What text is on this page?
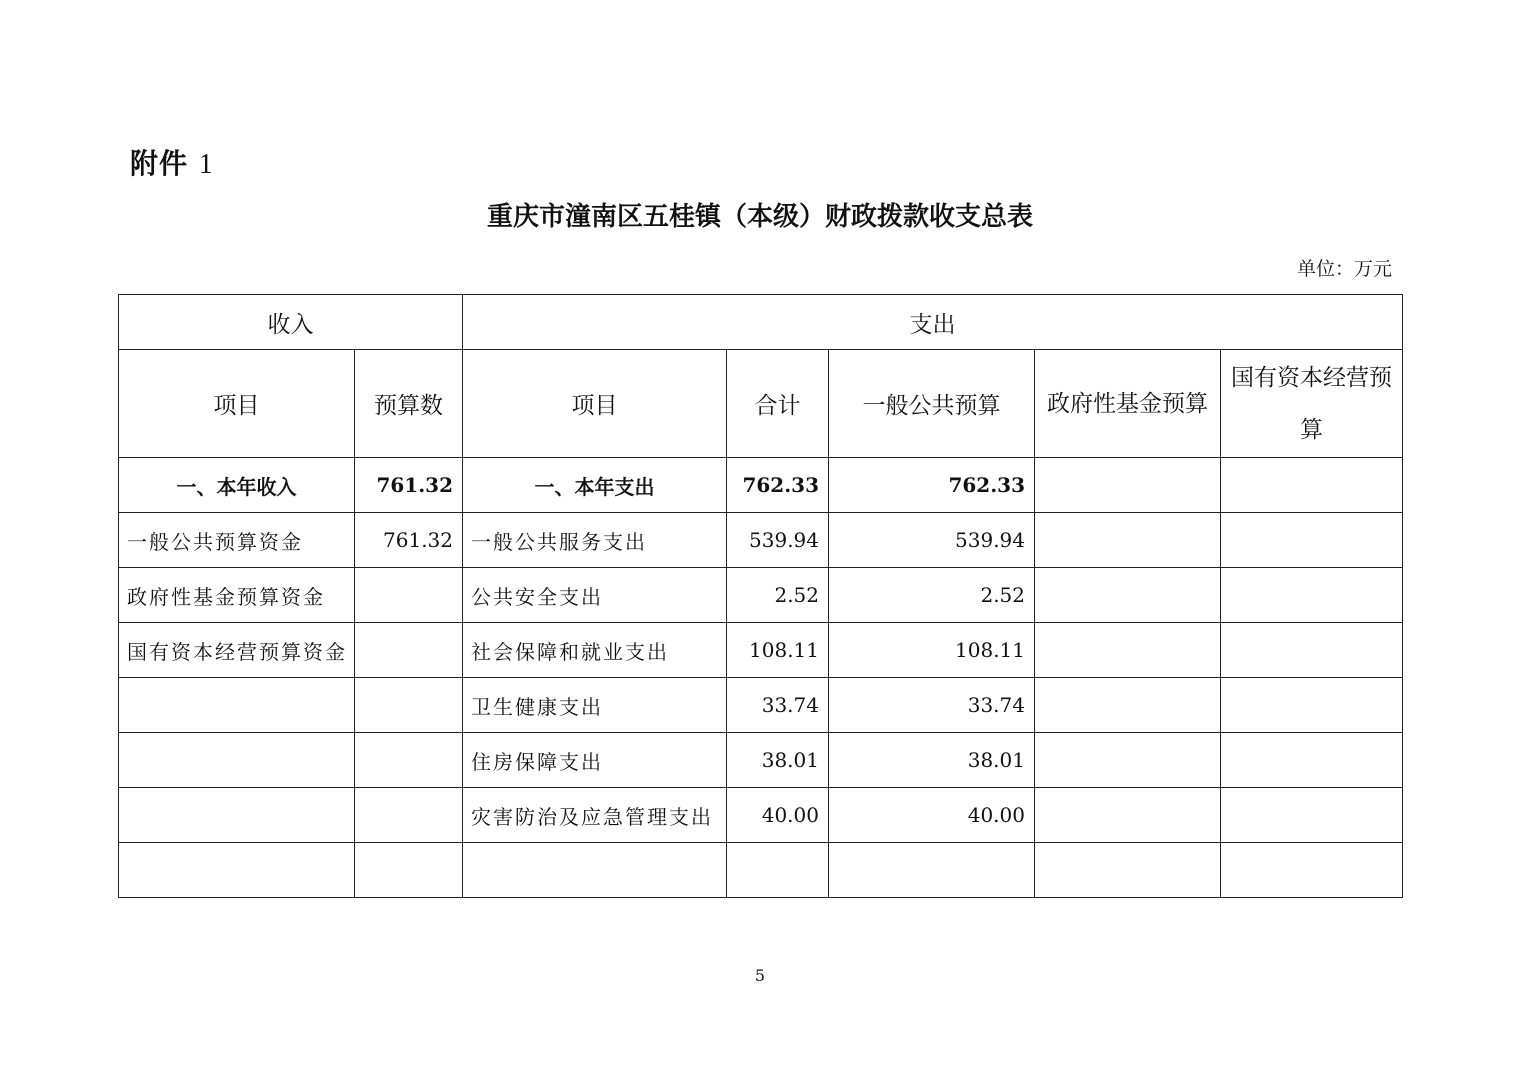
附件 1
重庆市潼南区五桂镇（本级）财政拨款收支总表
单位：万元
收入		支出				
项目	预算数	项目	合计	一般公共预算	政府性基金预算	国有资本经营预算
一、本年收入	761.32	一、本年支出	762.33	762.33		
一般公共预算资金	761.32	一般公共服务支出	539.94	539.94		
政府性基金预算资金		公共安全支出	2.52	2.52		
国有资本经营预算资金		社会保障和就业支出	108.11	108.11		
		卫生健康支出	33.74	33.74		
		住房保障支出	38.01	38.01		
		灾害防治及应急管理支出	40.00	40.00		

5
